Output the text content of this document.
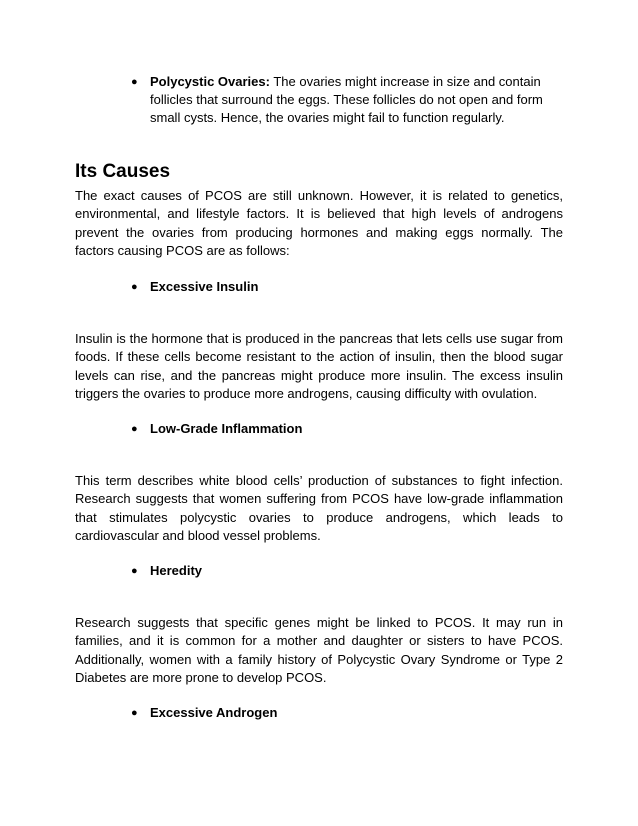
● Polycystic Ovaries: The ovaries might increase in size and contain follicles that surround the eggs. These follicles do not open and form small cysts. Hence, the ovaries might fail to function regularly.
Its Causes

The exact causes of PCOS are still unknown. However, it is related to genetics, environmental, and lifestyle factors. It is believed that high levels of androgens prevent the ovaries from producing hormones and making eggs normally. The factors causing PCOS are as follows:

● Excessive Insulin

Insulin is the hormone that is produced in the pancreas that lets cells use sugar from foods. If these cells become resistant to the action of insulin, then the blood sugar levels can rise, and the pancreas might produce more insulin. The excess insulin triggers the ovaries to produce more androgens, causing difficulty with ovulation.

● Low-Grade Inflammation

This term describes white blood cells’ production of substances to fight infection. Research suggests that women suffering from PCOS have low-grade inflammation that stimulates polycystic ovaries to produce androgens, which leads to cardiovascular and blood vessel problems.

● Heredity

Research suggests that specific genes might be linked to PCOS. It may run in families, and it is common for a mother and daughter or sisters to have PCOS. Additionally, women with a family history of Polycystic Ovary Syndrome or Type 2 Diabetes are more prone to develop PCOS.

● Excessive Androgen
